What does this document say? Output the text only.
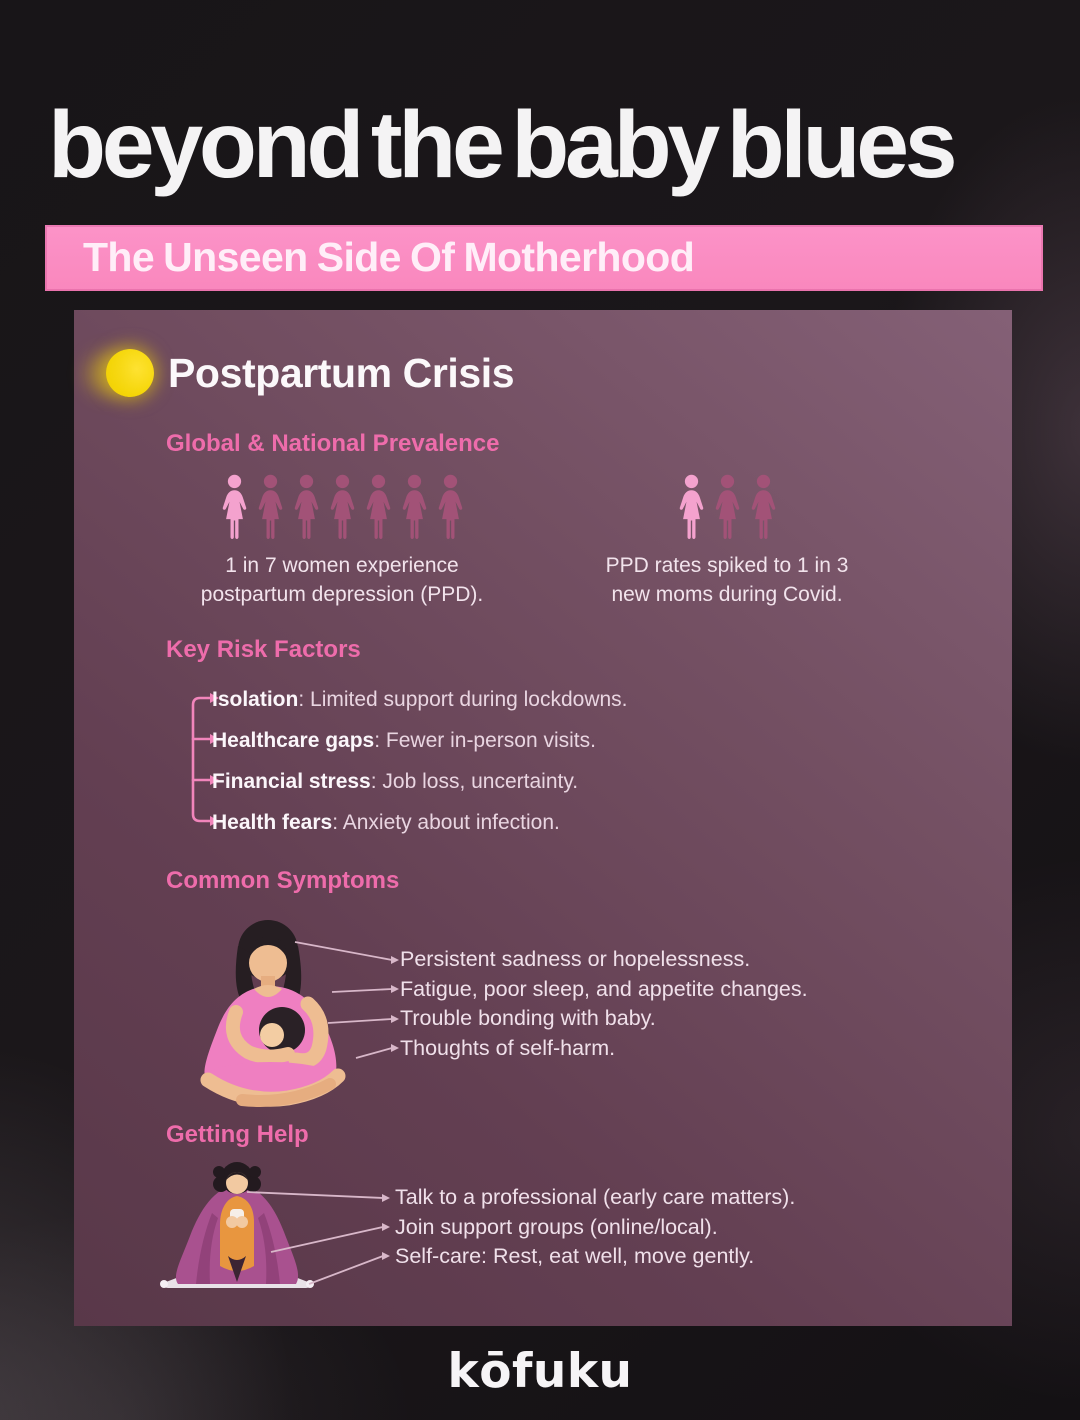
beyond the baby blues
The Unseen Side Of Motherhood
Postpartum Crisis
Global & National Prevalence
1 in 7 women experience
postpartum depression (PPD).
PPD rates spiked to 1 in 3
new moms during Covid.
Key Risk Factors
Isolation: Limited support during lockdowns.
Healthcare gaps: Fewer in-person visits.
Financial stress: Job loss, uncertainty.
Health fears: Anxiety about infection.
Common Symptoms
Persistent sadness or hopelessness.
Fatigue, poor sleep, and appetite changes.
Trouble bonding with baby.
Thoughts of self-harm.
Getting Help
Talk to a professional (early care matters).
Join support groups (online/local).
Self-care: Rest, eat well, move gently.
kōfuku
